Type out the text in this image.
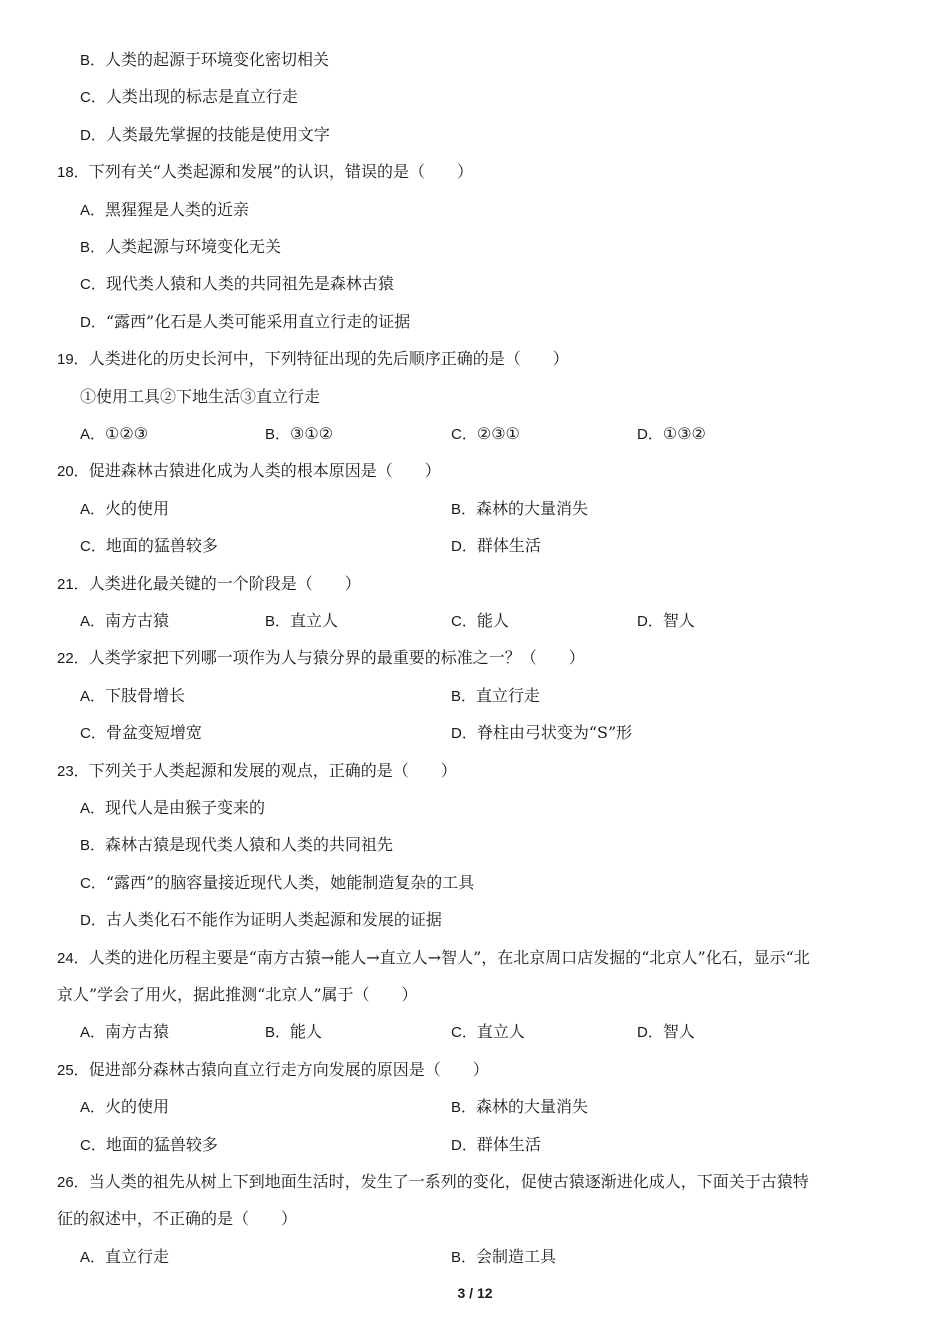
B．人类的起源于环境变化密切相关
C．人类出现的标志是直立行走
D．人类最先掌握的技能是使用文字
18．下列有关“人类起源和发展”的认识，错误的是（　　）
A．黑猩猩是人类的近亲
B．人类起源与环境变化无关
C．现代类人猿和人类的共同祖先是森林古猿
D．“露西”化石是人类可能采用直立行走的证据
19．人类进化的历史长河中，下列特征出现的先后顺序正确的是（　　）
①使用工具②下地生活③直立行走
A．①②③	B．③①②	C．②③①	D．①③②
20．促进森林古猿进化成为人类的根本原因是（　　）
A．火的使用	B．森林的大量消失
C．地面的猛兽较多	D．群体生活
21．人类进化最关键的一个阶段是（　　）
A．南方古猿	B．直立人	C．能人	D．智人
22．人类学家把下列哪一项作为人与猿分界的最重要的标准之一？（　　）
A．下肢骨增长	B．直立行走
C．骨盆变短增宽	D．脊柱由弓状变为“S”形
23．下列关于人类起源和发展的观点，正确的是（　　）
A．现代人是由猴子变来的
B．森林古猿是现代类人猿和人类的共同祖先
C．“露西”的脑容量接近现代人类，她能制造复杂的工具
D．古人类化石不能作为证明人类起源和发展的证据
24．人类的进化历程主要是“南方古猿→能人→直立人→智人”，在北京周口店发掘的“北京人”化石，显示“北
京人”学会了用火，据此推测“北京人”属于（　　）
A．南方古猿	B．能人	C．直立人	D．智人
25．促进部分森林古猿向直立行走方向发展的原因是（　　）
A．火的使用	B．森林的大量消失
C．地面的猛兽较多	D．群体生活
26．当人类的祖先从树上下到地面生活时，发生了一系列的变化，促使古猿逐渐进化成人，下面关于古猿特
征的叙述中，不正确的是（　　）
A．直立行走	B．会制造工具
3 / 12
